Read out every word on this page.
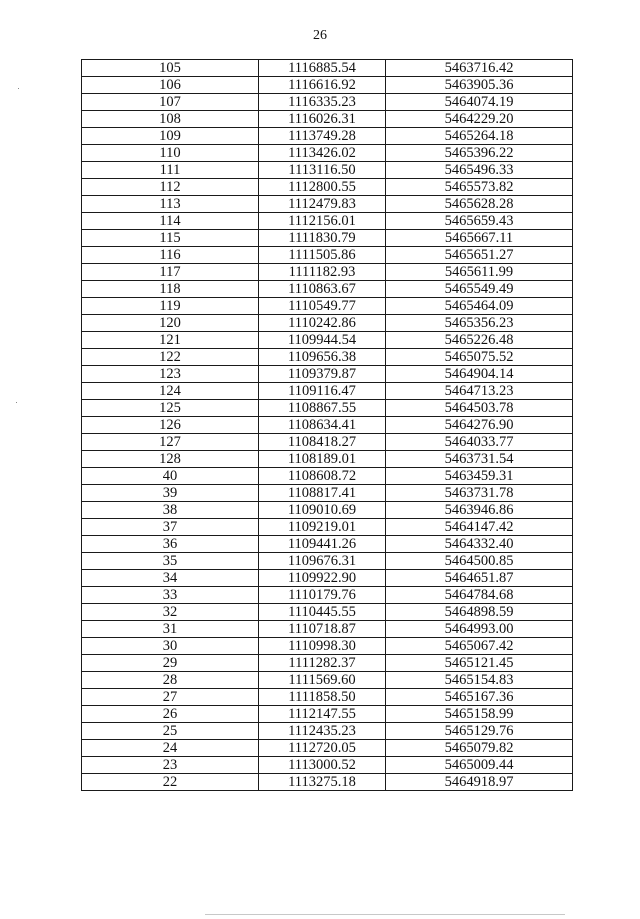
26
105	1116885.54	5463716.42
106	1116616.92	5463905.36
107	1116335.23	5464074.19
108	1116026.31	5464229.20
109	1113749.28	5465264.18
110	1113426.02	5465396.22
111	1113116.50	5465496.33
112	1112800.55	5465573.82
113	1112479.83	5465628.28
114	1112156.01	5465659.43
115	1111830.79	5465667.11
116	1111505.86	5465651.27
117	1111182.93	5465611.99
118	1110863.67	5465549.49
119	1110549.77	5465464.09
120	1110242.86	5465356.23
121	1109944.54	5465226.48
122	1109656.38	5465075.52
123	1109379.87	5464904.14
124	1109116.47	5464713.23
125	1108867.55	5464503.78
126	1108634.41	5464276.90
127	1108418.27	5464033.77
128	1108189.01	5463731.54
40	1108608.72	5463459.31
39	1108817.41	5463731.78
38	1109010.69	5463946.86
37	1109219.01	5464147.42
36	1109441.26	5464332.40
35	1109676.31	5464500.85
34	1109922.90	5464651.87
33	1110179.76	5464784.68
32	1110445.55	5464898.59
31	1110718.87	5464993.00
30	1110998.30	5465067.42
29	1111282.37	5465121.45
28	1111569.60	5465154.83
27	1111858.50	5465167.36
26	1112147.55	5465158.99
25	1112435.23	5465129.76
24	1112720.05	5465079.82
23	1113000.52	5465009.44
22	1113275.18	5464918.97
